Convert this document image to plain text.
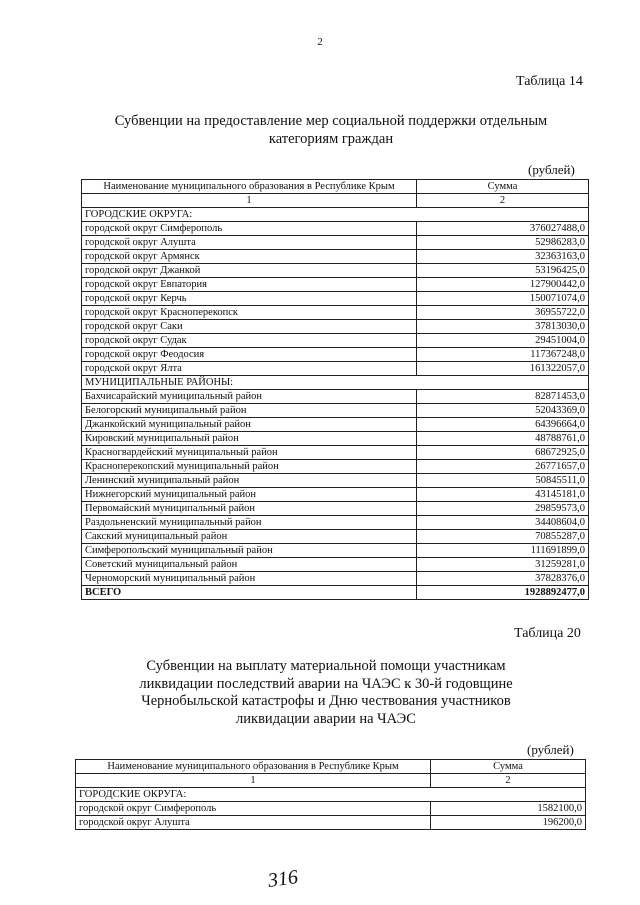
2
Таблица 14
Субвенции на предоставление мер социальной поддержки отдельным
категориям граждан
(рублей)
Наименование муниципального образования в Республике Крым	Сумма
1	2
ГОРОДСКИЕ ОКРУГА:	
городской округ Симферополь	376027488,0
городской округ Алушта	52986283,0
городской округ Армянск	32363163,0
городской округ Джанкой	53196425,0
городской округ Евпатория	127900442,0
городской округ Керчь	150071074,0
городской округ Красноперекопск	36955722,0
городской округ Саки	37813030,0
городской округ Судак	29451004,0
городской округ Феодосия	117367248,0
городской округ Ялта	161322057,0
МУНИЦИПАЛЬНЫЕ РАЙОНЫ:	
Бахчисарайский муниципальный район	82871453,0
Белогорский муниципальный район	52043369,0
Джанкойский муниципальный район	64396664,0
Кировский муниципальный район	48788761,0
Красногвардейский муниципальный район	68672925,0
Красноперекопский муниципальный район	26771657,0
Ленинский муниципальный район	50845511,0
Нижнегорский муниципальный район	43145181,0
Первомайский муниципальный район	29859573,0
Раздольненский муниципальный район	34408604,0
Сакский муниципальный район	70855287,0
Симферопольский муниципальный район	111691899,0
Советский муниципальный район	31259281,0
Черноморский муниципальный район	37828376,0
ВСЕГО	1928892477,0
Таблица 20
Субвенции на выплату материальной помощи участникам
ликвидации последствий аварии на ЧАЭС к 30-й годовщине
Чернобыльской катастрофы и Дню чествования участников
ликвидации аварии на ЧАЭС
(рублей)
Наименование муниципального образования в Республике Крым	Сумма
1	2
ГОРОДСКИЕ ОКРУГА:	
городской округ Симферополь	1582100,0
городской округ Алушта	196200,0
316
